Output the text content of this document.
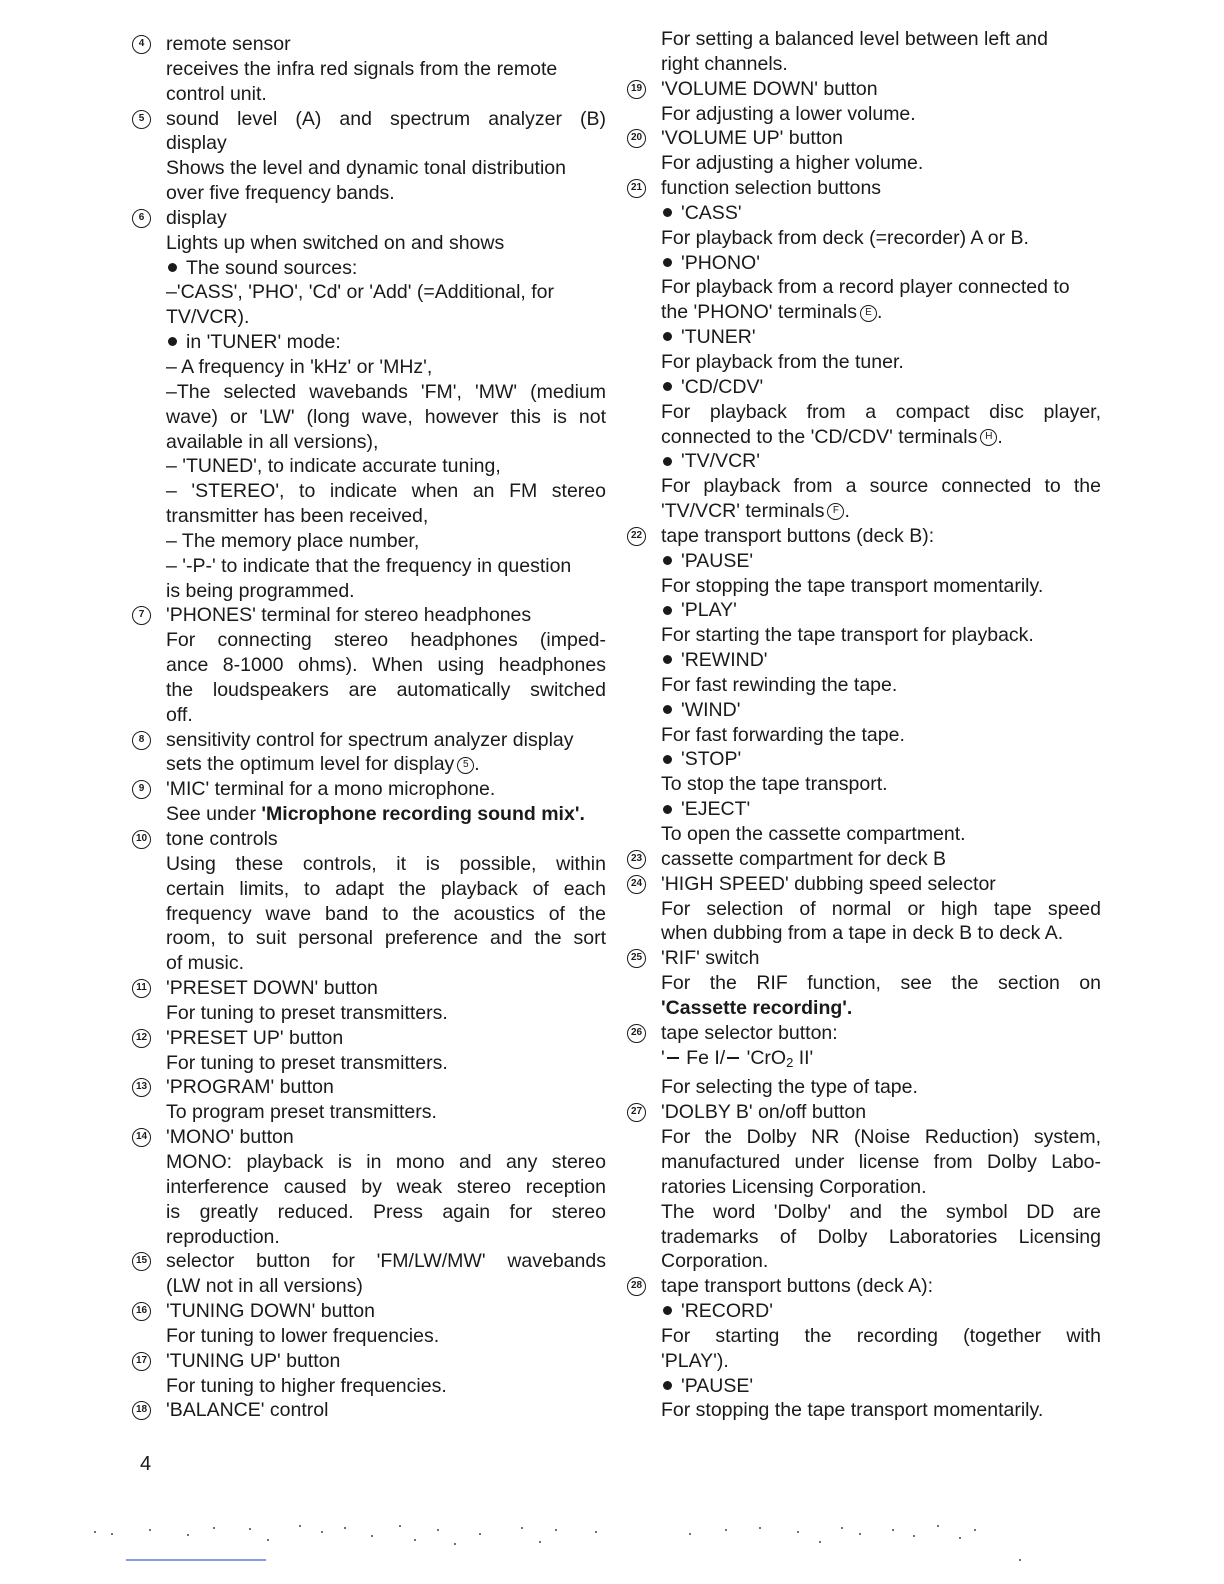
4	remote sensor
receives the infra red signals from the remote
control unit.
5	sound level (A) and spectrum analyzer (B)
display
Shows the level and dynamic tonal distribution
over five frequency bands.
6	display
Lights up when switched on and shows
The sound sources:
–'CASS', 'PHO', 'Cd' or 'Add' (=Additional, for
TV/VCR).
in 'TUNER' mode:
– A frequency in 'kHz' or 'MHz',
–The selected wavebands 'FM', 'MW' (medium
wave) or 'LW' (long wave, however this is not
available in all versions),
– 'TUNED', to indicate accurate tuning,
– 'STEREO', to indicate when an FM stereo
transmitter has been received,
– The memory place number,
– '-P-' to indicate that the frequency in question
is being programmed.
7	'PHONES' terminal for stereo headphones
For connecting stereo headphones (imped-
ance 8-1000 ohms). When using headphones
the loudspeakers are automatically switched
off.
8	sensitivity control for spectrum analyzer display
sets the optimum level for display 5 .
9	'MIC' terminal for a mono microphone.
See under 'Microphone recording sound mix'.
10 tone controls
Using these controls, it is possible, within
certain limits, to adapt the playback of each
frequency wave band to the acoustics of the
room, to suit personal preference and the sort
of music.
11 'PRESET DOWN' button
For tuning to preset transmitters.
12 'PRESET UP' button
For tuning to preset transmitters.
13 'PROGRAM' button
To program preset transmitters.
14 'MONO' button
MONO: playback is in mono and any stereo
interference caused by weak stereo reception
is greatly reduced. Press again for stereo
reproduction.
15 selector button for 'FM/LW/MW' wavebands
(LW not in all versions)
16 'TUNING DOWN' button
For tuning to lower frequencies.
17 'TUNING UP' button
For tuning to higher frequencies.
18 'BALANCE' control
For setting a balanced level between left and
right channels.
19 'VOLUME DOWN' button
For adjusting a lower volume.
20 'VOLUME UP' button
For adjusting a higher volume.
21 function selection buttons
'CASS'
For playback from deck (=recorder) A or B.
'PHONO'
For playback from a record player connected to
the 'PHONO' terminals E .
'TUNER'
For playback from the tuner.
'CD/CDV'
For playback from a compact disc player,
connected to the 'CD/CDV' terminals H .
'TV/VCR'
For playback from a source connected to the
'TV/VCR' terminals F .
22 tape transport buttons (deck B):
'PAUSE'
For stopping the tape transport momentarily.
'PLAY'
For starting the tape transport for playback.
'REWIND'
For fast rewinding the tape.
'WIND'
For fast forwarding the tape.
'STOP'
To stop the tape transport.
'EJECT'
To open the cassette compartment.
23 cassette compartment for deck B
24 'HIGH SPEED' dubbing speed selector
For selection of normal or high tape speed
when dubbing from a tape in deck B to deck A.
25 'RIF' switch
For the RIF function, see the section on
'Cassette recording'.
26 tape selector button:
' Fe I/ 'CrO$_2$ II'
For selecting the type of tape.
27 'DOLBY B' on/off button
For the Dolby NR (Noise Reduction) system,
manufactured under license from Dolby Labo-
ratories Licensing Corporation.
The word 'Dolby' and the symbol DD are
trademarks of Dolby Laboratories Licensing
Corporation.
28 tape transport buttons (deck A):
'RECORD'
For starting the recording (together with
'PLAY').
'PAUSE'
For stopping the tape transport momentarily.
4
